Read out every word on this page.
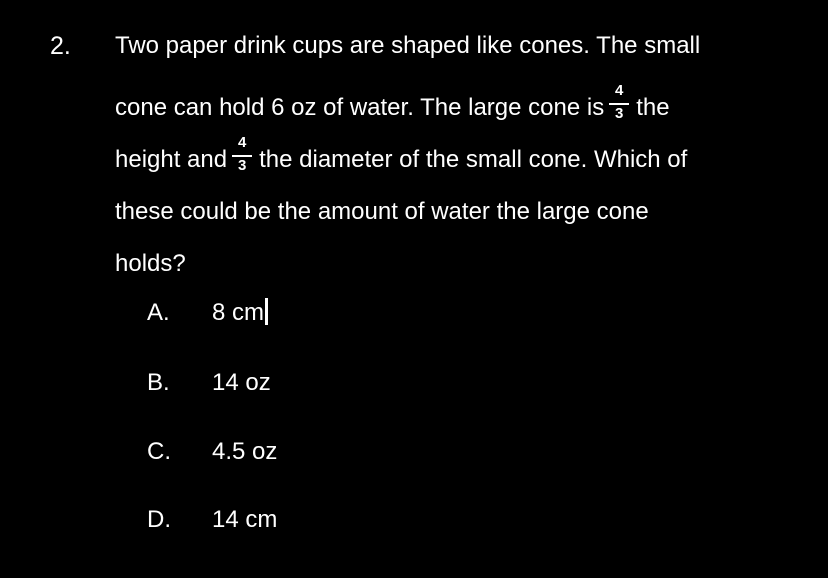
2. Two paper drink cups are shaped like cones. The small
cone can hold 6 oz of water. The large cone is $\frac{4}{3}$ the
height and $\frac{4}{3}$ the diameter of the small cone. Which of
these could be the amount of water the large cone
holds?
A. 8 cm
B. 14 oz
C. 4.5 oz
D. 14 cm
